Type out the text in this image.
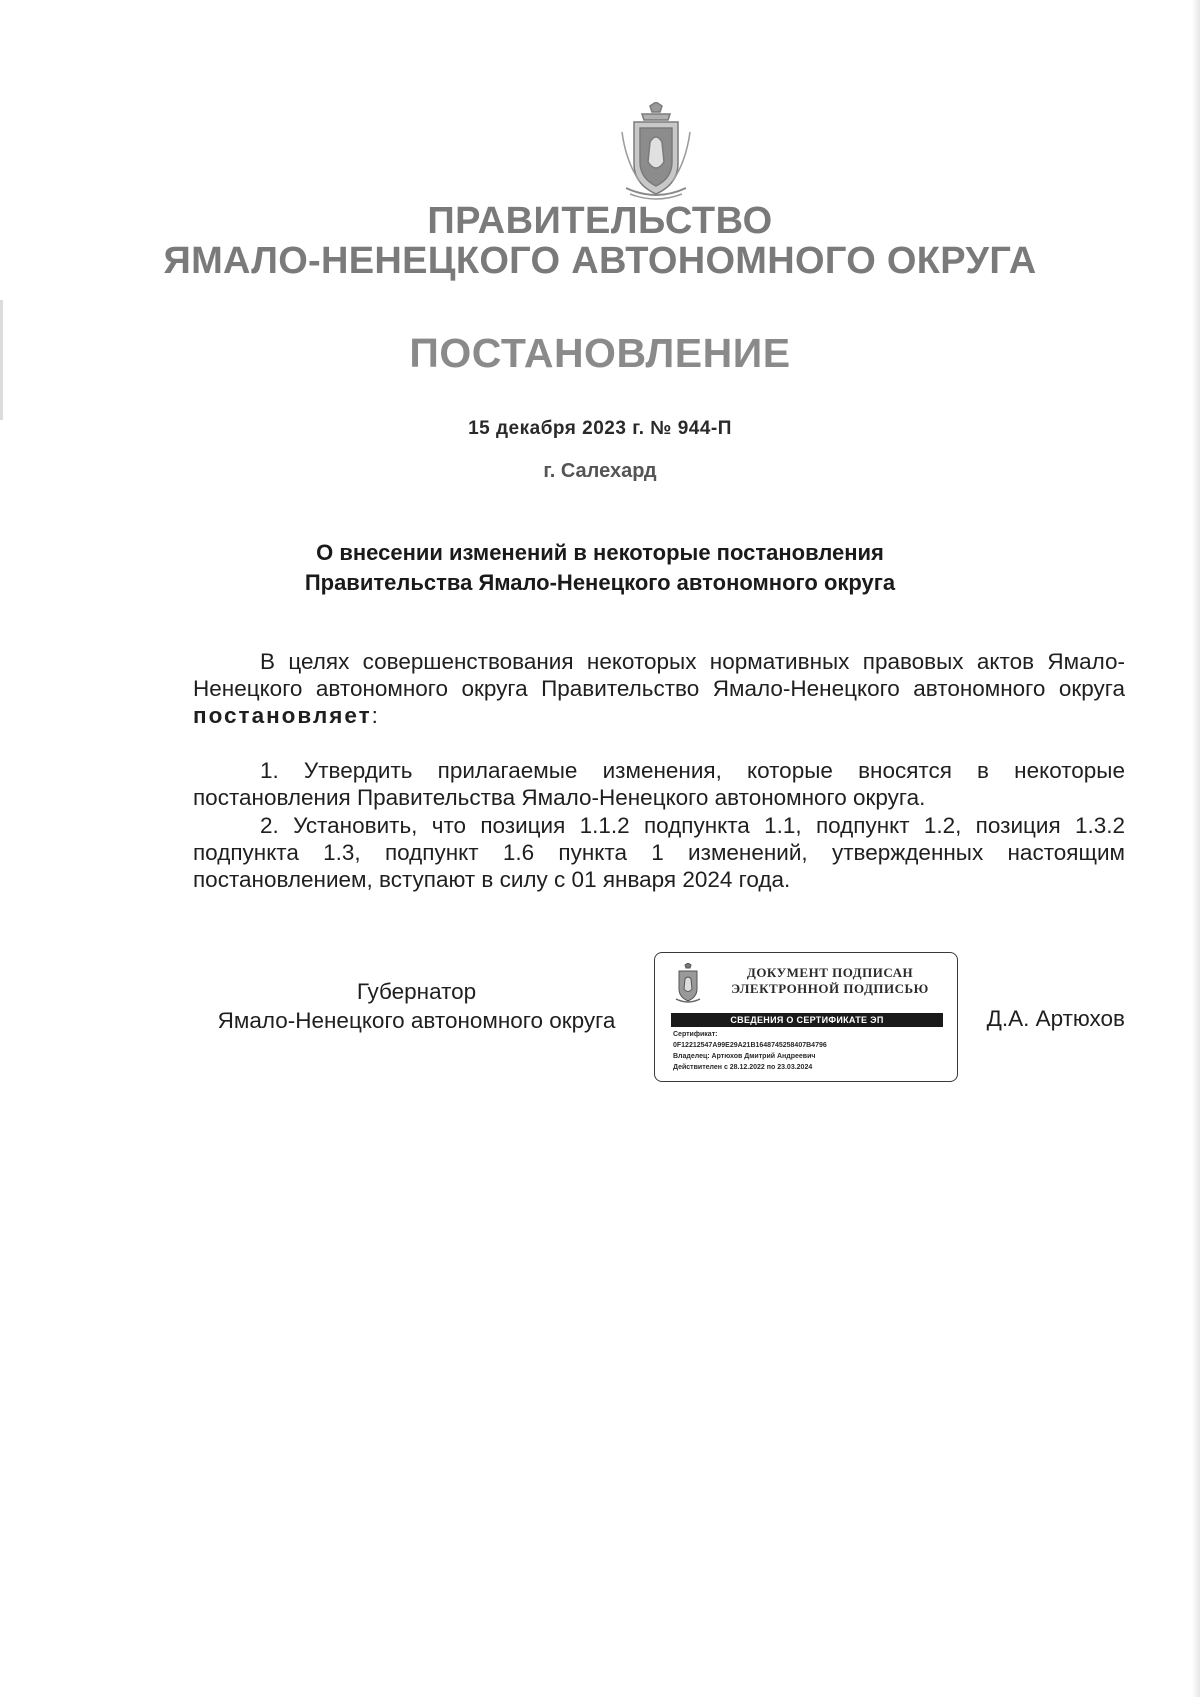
ПРАВИТЕЛЬСТВО
ЯМАЛО-НЕНЕЦКОГО АВТОНОМНОГО ОКРУГА
ПОСТАНОВЛЕНИЕ
15 декабря 2023 г. № 944-П
г. Салехард
О внесении изменений в некоторые постановления
Правительства Ямало-Ненецкого автономного округа
В целях совершенствования некоторых нормативных правовых актов Ямало-Ненецкого автономного округа Правительство Ямало-Ненецкого автономного округа постановляет:
1. Утвердить прилагаемые изменения, которые вносятся в некоторые постановления Правительства Ямало-Ненецкого автономного округа.
2. Установить, что позиция 1.1.2 подпункта 1.1, подпункт 1.2, позиция 1.3.2 подпункта 1.3, подпункт 1.6 пункта 1 изменений, утвержденных настоящим постановлением, вступают в силу с 01 января 2024 года.
Губернатор
Ямало-Ненецкого автономного округа
ДОКУМЕНТ ПОДПИСАН
ЭЛЕКТРОННОЙ ПОДПИСЬЮ
СВЕДЕНИЯ О СЕРТИФИКАТЕ ЭП
Сертификат:
0F12212547A99E29A21B1648745258407B4796
Владелец: Артюхов Дмитрий Андреевич
Действителен с 28.12.2022 по 23.03.2024
Д.А. Артюхов
